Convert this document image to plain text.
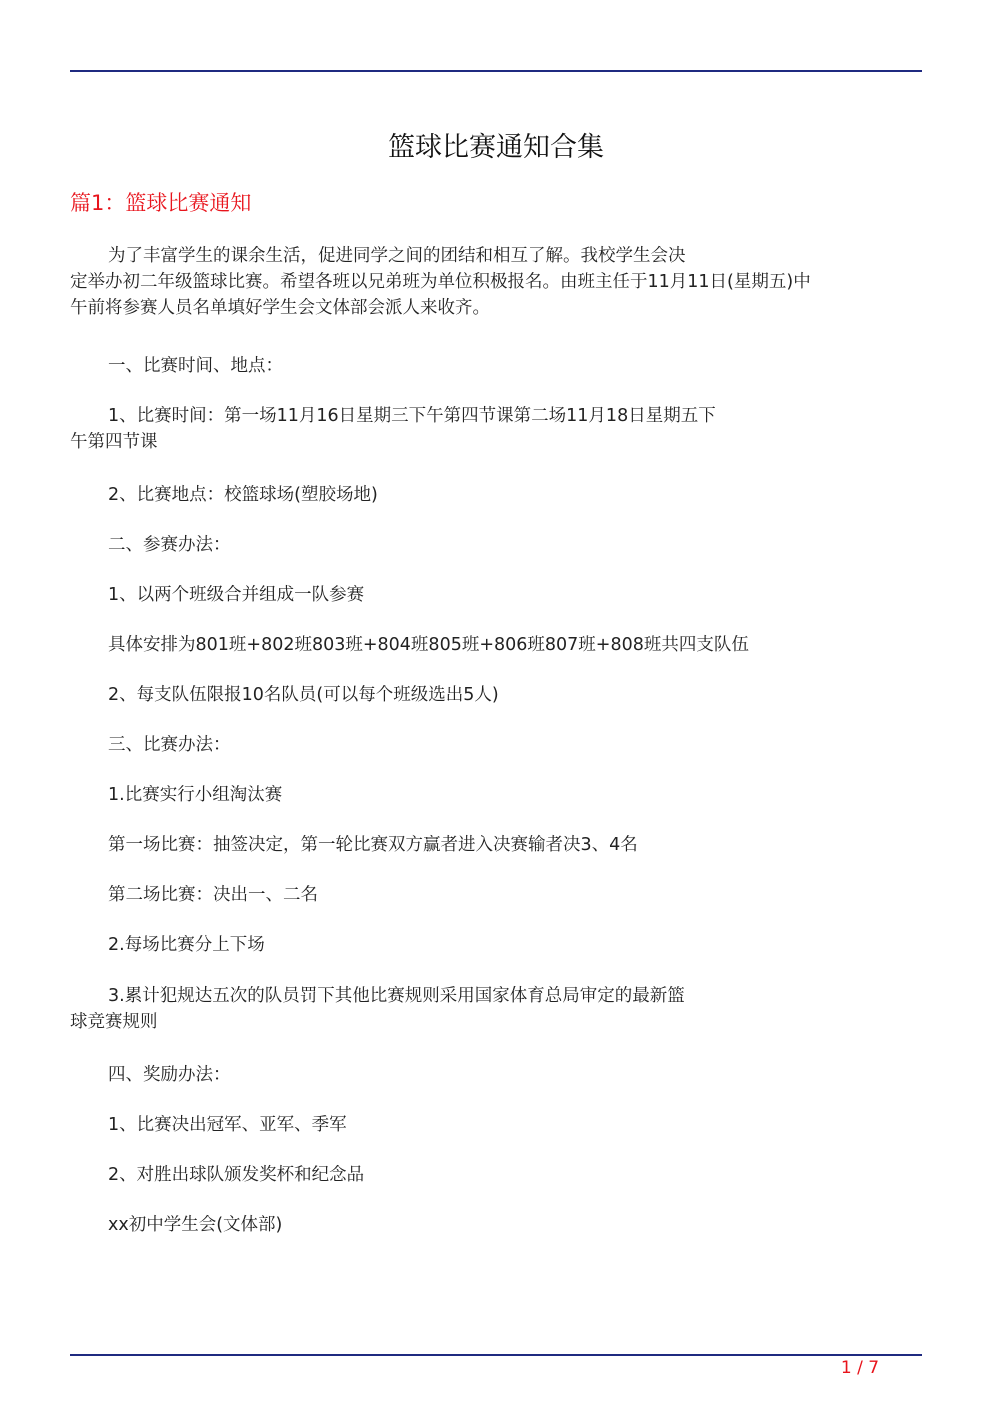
篮球比赛通知合集
篇1：篮球比赛通知
为了丰富学生的课余生活，促进同学之间的团结和相互了解。我校学生会决
定举办初二年级篮球比赛。希望各班以兄弟班为单位积极报名。由班主任于11月11日(星期五)中
午前将参赛人员名单填好学生会文体部会派人来收齐。
一、比赛时间、地点：
1、比赛时间：第一场11月16日星期三下午第四节课第二场11月18日星期五下
午第四节课
2、比赛地点：校篮球场(塑胶场地)
二、参赛办法：
1、以两个班级合并组成一队参赛
具体安排为801班+802班803班+804班805班+806班807班+808班共四支队伍
2、每支队伍限报10名队员(可以每个班级选出5人)
三、比赛办法：
1.比赛实行小组淘汰赛
第一场比赛：抽签决定，第一轮比赛双方赢者进入决赛输者决3、4名
第二场比赛：决出一、二名
2.每场比赛分上下场
3.累计犯规达五次的队员罚下其他比赛规则采用国家体育总局审定的最新篮
球竞赛规则
四、奖励办法：
1、比赛决出冠军、亚军、季军
2、对胜出球队颁发奖杯和纪念品
xx初中学生会(文体部)
1 / 7
